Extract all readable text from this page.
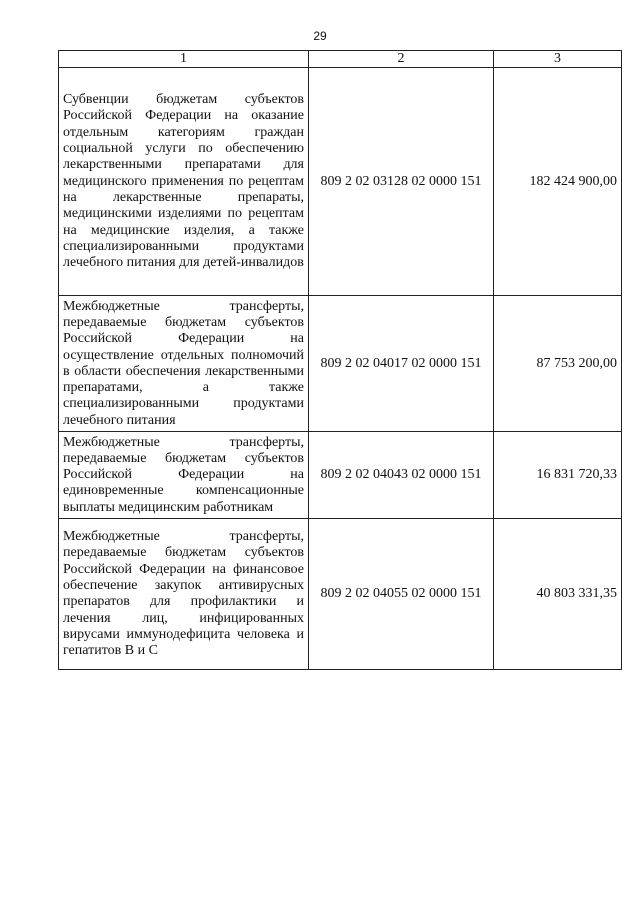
29
1	2	3
Субвенции бюджетам субъектов Российской Федерации на оказание отдельным категориям граждан социальной услуги по обеспечению лекарственными препаратами для медицинского применения по рецептам на лекарственные препараты, медицинскими изделиями по рецептам на медицинские изделия, а также специализированными продуктами лечебного питания для детей-инвалидов	809 2 02 03128 02 0000 151	182 424 900,00
Межбюджетные трансферты, передаваемые бюджетам субъектов Российской Федерации на осуществление отдельных полномочий в области обеспечения лекарственными препаратами, а также специализированными продуктами лечебного питания	809 2 02 04017 02 0000 151	87 753 200,00
Межбюджетные трансферты, передаваемые бюджетам субъектов Российской Федерации на единовременные компенсационные выплаты медицинским работникам	809 2 02 04043 02 0000 151	16 831 720,33
Межбюджетные трансферты, передаваемые бюджетам субъектов Российской Федерации на финансовое обеспечение закупок антивирусных препаратов для профилактики и лечения лиц, инфицированных вирусами иммунодефицита человека и гепатитов В и С	809 2 02 04055 02 0000 151	40 803 331,35
